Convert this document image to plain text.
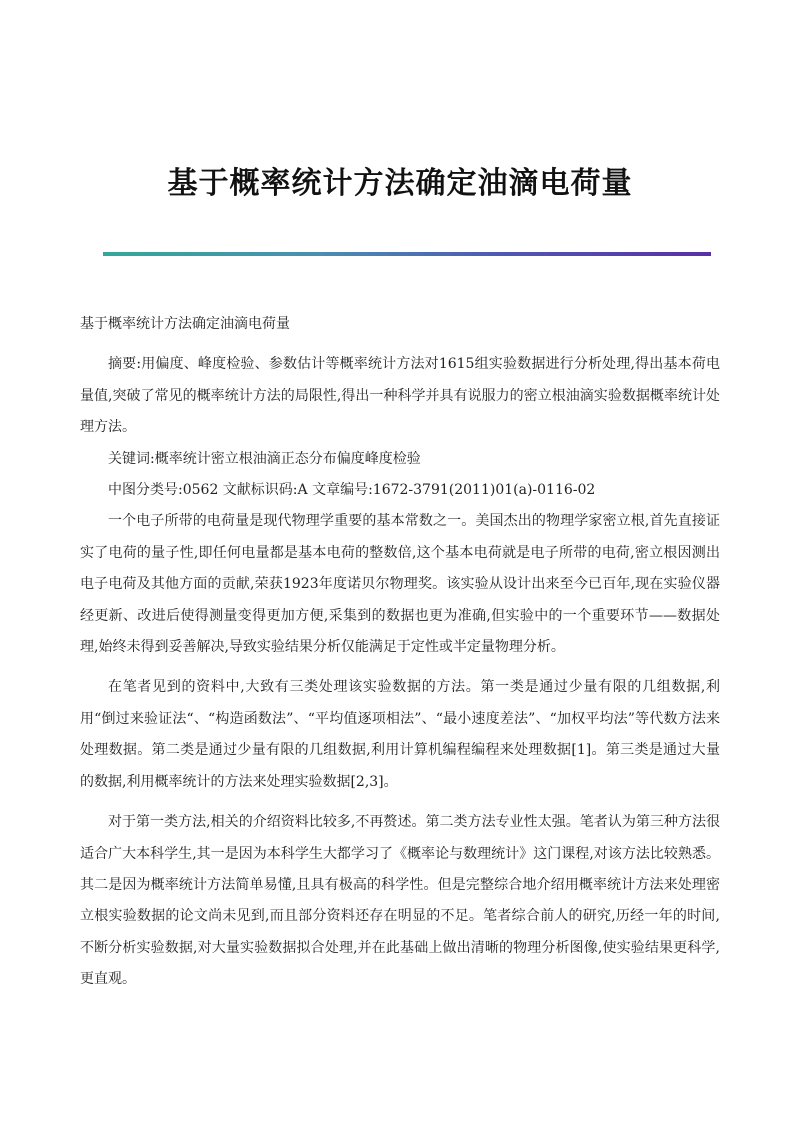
基于概率统计方法确定油滴电荷量

基于概率统计方法确定油滴电荷量

摘要:用偏度、峰度检验、参数估计等概率统计方法对1615组实验数据进行分析处理,得出基本荷电量值,突破了常见的概率统计方法的局限性,得出一种科学并具有说服力的密立根油滴实验数据概率统计处理方法。

关键词:概率统计密立根油滴正态分布偏度峰度检验

中图分类号:0562 文献标识码:A 文章编号:1672-3791(2011)01(a)-0116-02

一个电子所带的电荷量是现代物理学重要的基本常数之一。美国杰出的物理学家密立根,首先直接证实了电荷的量子性,即任何电量都是基本电荷的整数倍,这个基本电荷就是电子所带的电荷,密立根因测出电子电荷及其他方面的贡献,荣获1923年度诺贝尔物理奖。该实验从设计出来至今已百年,现在实验仪器经更新、改进后使得测量变得更加方便,采集到的数据也更为准确,但实验中的一个重要环节——数据处理,始终未得到妥善解决,导致实验结果分析仅能满足于定性或半定量物理分析。

在笔者见到的资料中,大致有三类处理该实验数据的方法。第一类是通过少量有限的几组数据,利用“倒过来验证法“、“构造函数法”、“平均值逐项相法”、“最小速度差法”、“加权平均法”等代数方法来处理数据。第二类是通过少量有限的几组数据,利用计算机编程编程来处理数据[1]。第三类是通过大量的数据,利用概率统计的方法来处理实验数据[2,3]。

对于第一类方法,相关的介绍资料比较多,不再赘述。第二类方法专业性太强。笔者认为第三种方法很适合广大本科学生,其一是因为本科学生大都学习了《概率论与数理统计》这门课程,对该方法比较熟悉。其二是因为概率统计方法简单易懂,且具有极高的科学性。但是完整综合地介绍用概率统计方法来处理密立根实验数据的论文尚未见到,而且部分资料还存在明显的不足。笔者综合前人的研究,历经一年的时间,不断分析实验数据,对大量实验数据拟合处理,并在此基础上做出清晰的物理分析图像,使实验结果更科学,更直观。
